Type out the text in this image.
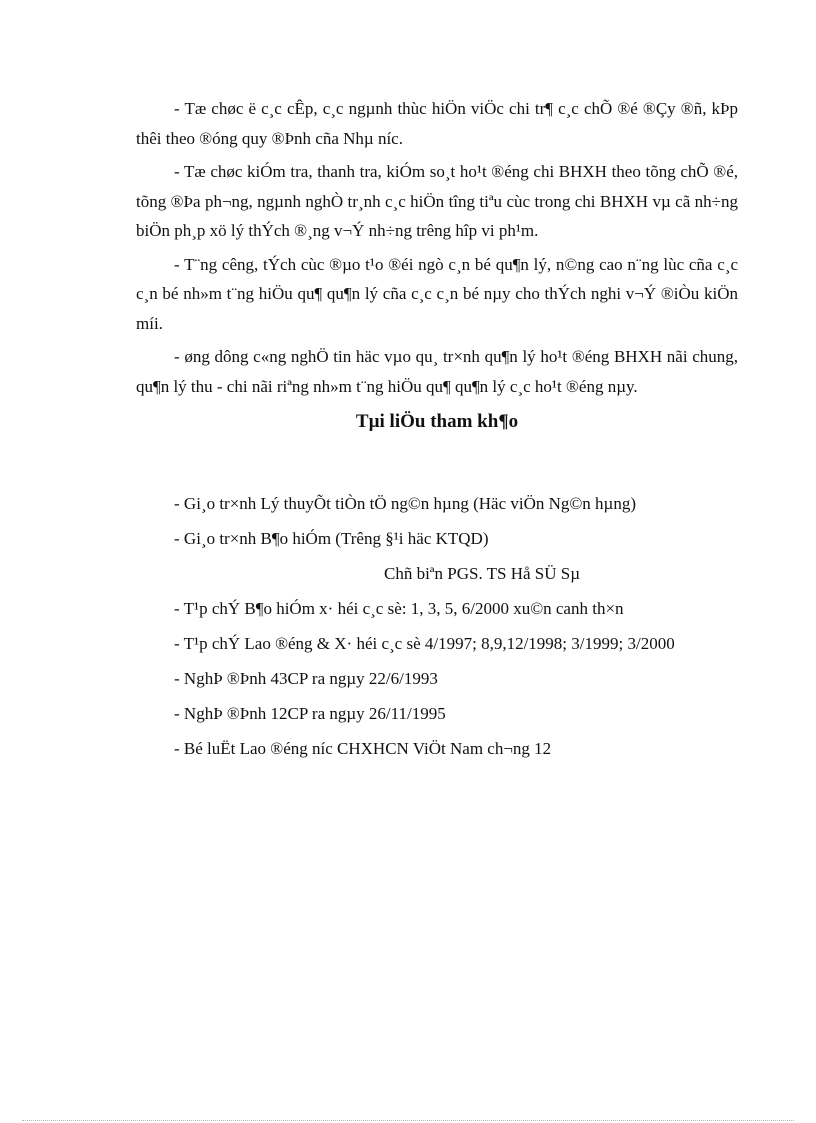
- Tæ chøc ë c¸c cÊp, c¸c ngµnh thùc hiÖn viÖc chi tr¶ c¸c chÕ ®é ®Çy ®ñ, kÞp thêi theo ®óng quy ®Þnh cña Nhµ níc.

- Tæ chøc kiÓm tra, thanh tra, kiÓm so¸t ho¹t ®éng chi BHXH theo tõng chÕ ®é, tõng ®Þa ph¬ng, ngµnh nghÒ tr¸nh c¸c hiÖn tîng tiªu cùc trong chi BHXH vµ cã nh÷ng biÖn ph¸p xö lý thÝch ®¸ng v¬Ý nh÷ng trêng hîp vi ph¹m.

- T¨ng cêng, tÝch cùc ®µo t¹o ®éi ngò c¸n bé qu¶n lý, n©ng cao n¨ng lùc cña c¸c c¸n bé nh»m t¨ng hiÖu qu¶ qu¶n lý cña c¸c c¸n bé nµy cho thÝch nghi v¬Ý ®iÒu kiÖn míi.

- øng dông c«ng nghÖ tin häc vµo qu¸ tr×nh qu¶n lý ho¹t ®éng BHXH nãi chung, qu¶n lý thu - chi nãi riªng nh»m t¨ng hiÖu qu¶ qu¶n lý c¸c ho¹t ®éng nµy.

Tµi liÖu tham kh¶o

- Gi¸o tr×nh Lý thuyÕt tiÒn tÖ ng©n hµng (Häc viÖn Ng©n hµng)

- Gi¸o tr×nh B¶o hiÓm (Trêng §¹i häc KTQD)

Chñ biªn PGS. TS Hå SÜ Sµ

- T¹p chÝ B¶o hiÓm x· héi c¸c sè: 1, 3, 5, 6/2000 xu©n canh th×n

- T¹p chÝ Lao ®éng & X· héi c¸c sè 4/1997; 8,9,12/1998; 3/1999; 3/2000

- NghÞ ®Þnh 43CP ra ngµy 22/6/1993

- NghÞ ®Þnh 12CP ra ngµy 26/11/1995

- Bé luËt Lao ®éng níc CHXHCN ViÖt Nam ch¬ng 12
